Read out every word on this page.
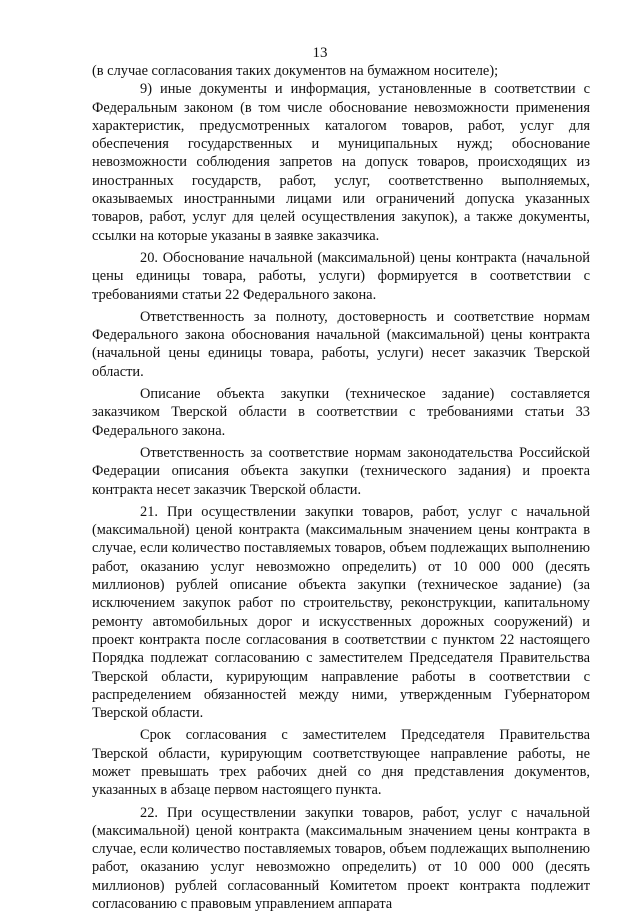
13

(в случае согласования таких документов на бумажном носителе);

9) иные документы и информация, установленные в соответствии с Федеральным законом (в том числе обоснование невозможности применения характеристик, предусмотренных каталогом товаров, работ, услуг для обеспечения государственных и муниципальных нужд; обоснование невозможности соблюдения запретов на допуск товаров, происходящих из иностранных государств, работ, услуг, соответственно выполняемых, оказываемых иностранными лицами или ограничений допуска указанных товаров, работ, услуг для целей осуществления закупок), а также документы, ссылки на которые указаны в заявке заказчика.

20. Обоснование начальной (максимальной) цены контракта (начальной цены единицы товара, работы, услуги) формируется в соответствии с требованиями статьи 22 Федерального закона.

Ответственность за полноту, достоверность и соответствие нормам Федерального закона обоснования начальной (максимальной) цены контракта (начальной цены единицы товара, работы, услуги) несет заказчик Тверской области.

Описание объекта закупки (техническое задание) составляется заказчиком Тверской области в соответствии с требованиями статьи 33 Федерального закона.

Ответственность за соответствие нормам законодательства Российской Федерации описания объекта закупки (технического задания) и проекта контракта несет заказчик Тверской области.

21. При осуществлении закупки товаров, работ, услуг с начальной (максимальной) ценой контракта (максимальным значением цены контракта в случае, если количество поставляемых товаров, объем подлежащих выполнению работ, оказанию услуг невозможно определить) от 10 000 000 (десять миллионов) рублей описание объекта закупки (техническое задание) (за исключением закупок работ по строительству, реконструкции, капитальному ремонту автомобильных дорог и искусственных дорожных сооружений) и проект контракта после согласования в соответствии с пунктом 22 настоящего Порядка подлежат согласованию с заместителем Председателя Правительства Тверской области, курирующим направление работы в соответствии с распределением обязанностей между ними, утвержденным Губернатором Тверской области.

Срок согласования с заместителем Председателя Правительства Тверской области, курирующим соответствующее направление работы, не может превышать трех рабочих дней со дня представления документов, указанных в абзаце первом настоящего пункта.

22. При осуществлении закупки товаров, работ, услуг с начальной (максимальной) ценой контракта (максимальным значением цены контракта в случае, если количество поставляемых товаров, объем подлежащих выполнению работ, оказанию услуг невозможно определить) от 10 000 000 (десять миллионов) рублей согласованный Комитетом проект контракта подлежит согласованию с правовым управлением аппарата
